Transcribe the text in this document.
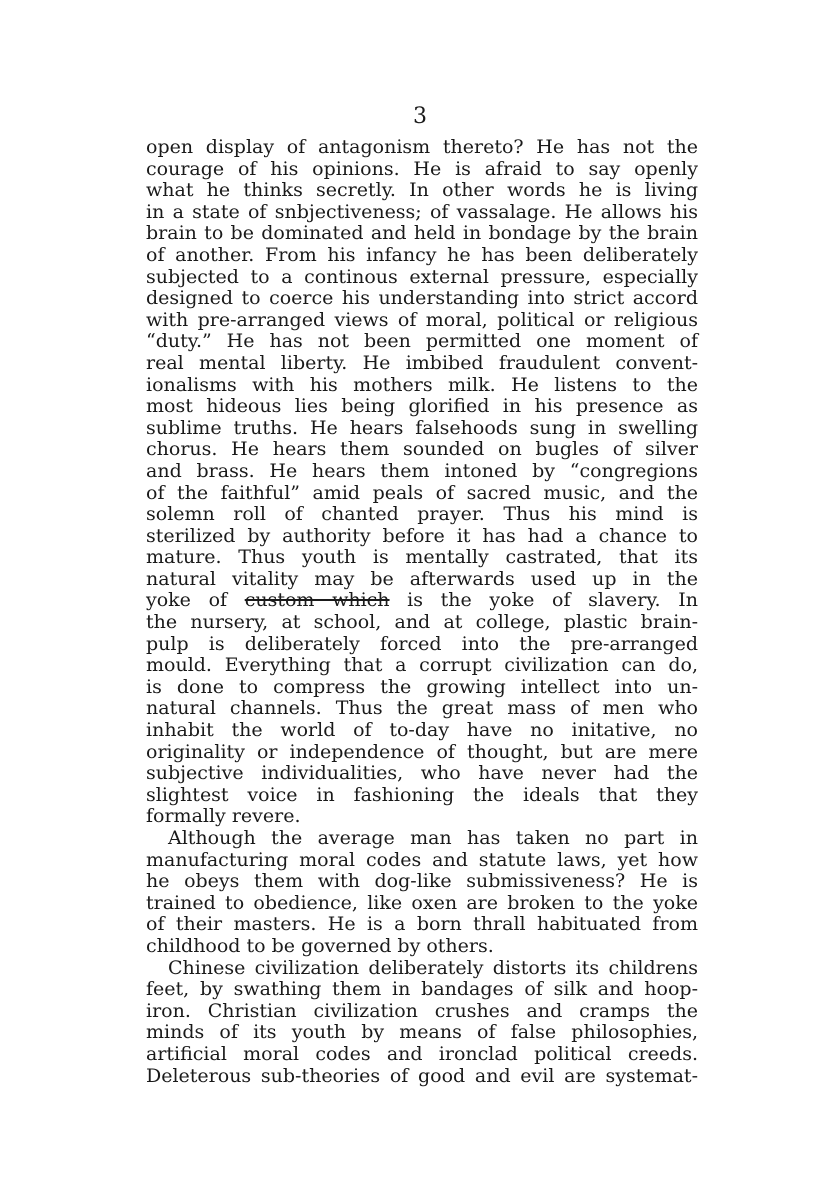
3
open display of antagonism thereto? He has not the
courage of his opinions. He is afraid to say openly
what he thinks secretly. In other words he is living
in a state of snbjectiveness; of vassalage. He allows his
brain to be dominated and held in bondage by the brain
of another. From his infancy he has been deliberately
subjected to a continous external pressure, especially
designed to coerce his understanding into strict accord
with pre-arranged views of moral, political or religious
“duty.” He has not been permitted one moment of
real mental liberty. He imbibed fraudulent convent-
ionalisms with his mothers milk. He listens to the
most hideous lies being glorified in his presence as
sublime truths. He hears falsehoods sung in swelling
chorus. He hears them sounded on bugles of silver
and brass. He hears them intoned by “congregions
of the faithful” amid peals of sacred music, and the
solemn roll of chanted prayer. Thus his mind is
sterilized by authority before it has had a chance to
mature. Thus youth is mentally castrated, that its
natural vitality may be afterwards used up in the
yoke of custom which is the yoke of slavery. In
the nursery, at school, and at college, plastic brain-
pulp is deliberately forced into the pre-arranged
mould. Everything that a corrupt civilization can do,
is done to compress the growing intellect into un-
natural channels. Thus the great mass of men who
inhabit the world of to-day have no initative, no
originality or independence of thought, but are mere
subjective individualities, who have never had the
slightest voice in fashioning the ideals that they
formally revere.
Although the average man has taken no part in
manufacturing moral codes and statute laws, yet how
he obeys them with dog-like submissiveness? He is
trained to obedience, like oxen are broken to the yoke
of their masters. He is a born thrall habituated from
childhood to be governed by others.
Chinese civilization deliberately distorts its childrens
feet, by swathing them in bandages of silk and hoop-
iron. Christian civilization crushes and cramps the
minds of its youth by means of false philosophies,
artificial moral codes and ironclad political creeds.
Deleterous sub-theories of good and evil are systemat-
